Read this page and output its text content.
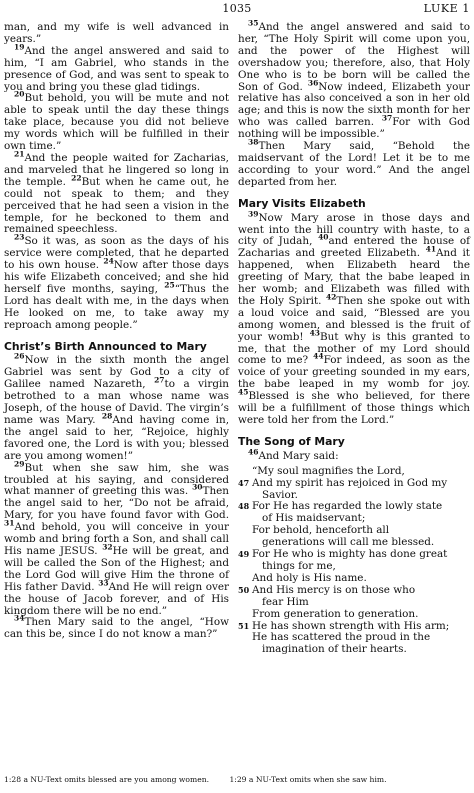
1035	LUKE 1

man, and my wife is well advanced in years.”

$^{19}$And the angel answered and said to him, “I am Gabriel, who stands in the presence of God, and was sent to speak to you and bring you these glad tidings.

$^{20}$But behold, you will be mute and not able to speak until the day these things take place, because you did not believe my words which will be fulfilled in their own time.”

$^{21}$And the people waited for Zacharias, and marveled that he lingered so long in the temple. $^{22}$But when he came out, he could not speak to them; and they perceived that he had seen a vision in the temple, for he beckoned to them and remained speechless.

$^{23}$So it was, as soon as the days of his service were completed, that he departed to his own house. $^{24}$Now after those days his wife Elizabeth conceived; and she hid herself five months, saying, $^{25}$“Thus the Lord has dealt with me, in the days when He looked on me, to take away my reproach among people.”

Christ’s Birth Announced to Mary

$^{26}$Now in the sixth month the angel Gabriel was sent by God to a city of Galilee named Nazareth, $^{27}$to a virgin betrothed to a man whose name was Joseph, of the house of David. The virgin’s name was Mary. $^{28}$And having come in, the angel said to her, “Rejoice, highly favored one, the Lord is with you; blessed are you among women!”

$^{29}$But when she saw him, she was troubled at his saying, and considered what manner of greeting this was. $^{30}$Then the angel said to her, “Do not be afraid, Mary, for you have found favor with God. $^{31}$And behold, you will conceive in your womb and bring forth a Son, and shall call His name JESUS. $^{32}$He will be great, and will be called the Son of the Highest; and the Lord God will give Him the throne of His father David. $^{33}$And He will reign over the house of Jacob forever, and of His kingdom there will be no end.”

$^{34}$Then Mary said to the angel, “How can this be, since I do not know a man?”

$^{35}$And the angel answered and said to her, “The Holy Spirit will come upon you, and the power of the Highest will overshadow you; therefore, also, that Holy One who is to be born will be called the Son of God. $^{36}$Now indeed, Elizabeth your relative has also conceived a son in her old age; and this is now the sixth month for her who was called barren. $^{37}$For with God nothing will be impossible.”

$^{38}$Then Mary said, “Behold the maidservant of the Lord! Let it be to me according to your word.” And the angel departed from her.

Mary Visits Elizabeth

$^{39}$Now Mary arose in those days and went into the hill country with haste, to a city of Judah, $^{40}$and entered the house of Zacharias and greeted Elizabeth. $^{41}$And it happened, when Elizabeth heard the greeting of Mary, that the babe leaped in her womb; and Elizabeth was filled with the Holy Spirit. $^{42}$Then she spoke out with a loud voice and said, “Blessed are you among women, and blessed is the fruit of your womb! $^{43}$But why is this granted to me, that the mother of my Lord should come to me? $^{44}$For indeed, as soon as the voice of your greeting sounded in my ears, the babe leaped in my womb for joy. $^{45}$Blessed is she who believed, for there will be a fulfillment of those things which were told her from the Lord.”

The Song of Mary

$^{46}$And Mary said:

“My soul magnifies the Lord,
47 And my spirit has rejoiced in God my
Savior.
48 For He has regarded the lowly state
of His maidservant;
For behold, henceforth all
generations will call me blessed.
49 For He who is mighty has done great
things for me,
And holy is His name.
50 And His mercy is on those who
fear Him
From generation to generation.
51 He has shown strength with His arm;
He has scattered the proud in the
imagination of their hearts.
1:28 a NU-Text omits blessed are you among women.	1:29 a NU-Text omits when she saw him.
